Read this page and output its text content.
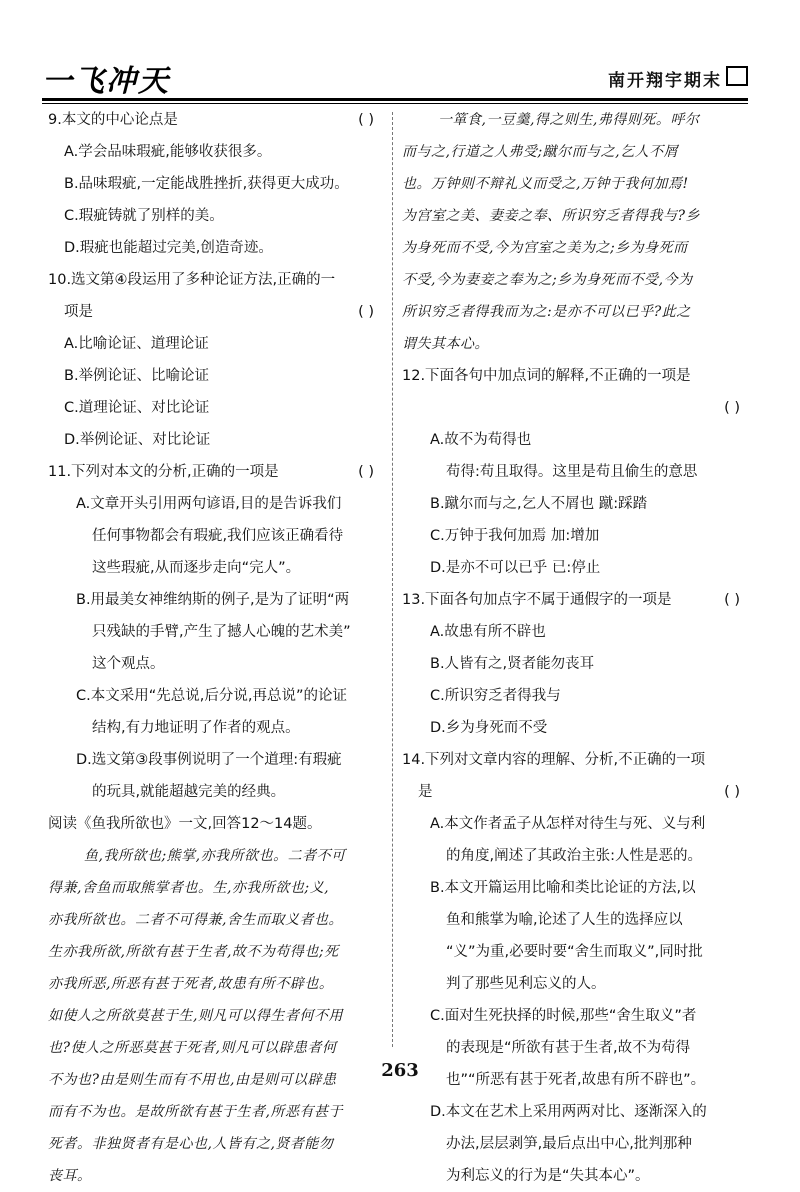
一飞冲天	南开翔宇期末
( )
9.本文的中心论点是
A.学会品味瑕疵,能够收获很多。
B.品味瑕疵,一定能战胜挫折,获得更大成功。
C.瑕疵铸就了别样的美。
D.瑕疵也能超过完美,创造奇迹。
10.选文第④段运用了多种论证方法,正确的一
( )
项是
A.比喻论证、道理论证
B.举例论证、比喻论证
C.道理论证、对比论证
D.举例论证、对比论证
( )
11.下列对本文的分析,正确的一项是
A.文章开头引用两句谚语,目的是告诉我们
任何事物都会有瑕疵,我们应该正确看待
这些瑕疵,从而逐步走向“完人”。
B.用最美女神维纳斯的例子,是为了证明“两
只残缺的手臂,产生了撼人心魄的艺术美”
这个观点。
C.本文采用“先总说,后分说,再总说”的论证
结构,有力地证明了作者的观点。
D.选文第③段事例说明了一个道理:有瑕疵
的玩具,就能超越完美的经典。
阅读《鱼我所欲也》一文,回答12～14题。
鱼,我所欲也;熊掌,亦我所欲也。二者不可
得兼,舍鱼而取熊掌者也。生,亦我所欲也;义,
亦我所欲也。二者不可得兼,舍生而取义者也。
生亦我所欲,所欲有甚于生者,故不为苟得也;死
亦我所恶,所恶有甚于死者,故患有所不辟也。
如使人之所欲莫甚于生,则凡可以得生者何不用
也?使人之所恶莫甚于死者,则凡可以辟患者何
不为也?由是则生而有不用也,由是则可以辟患
而有不为也。是故所欲有甚于生者,所恶有甚于
死者。非独贤者有是心也,人皆有之,贤者能勿
丧耳。
一箪食,一豆羹,得之则生,弗得则死。呼尔
而与之,行道之人弗受;蹴尔而与之,乞人不屑
也。万钟则不辩礼义而受之,万钟于我何加焉!
为宫室之美、妻妾之奉、所识穷乏者得我与?乡
为身死而不受,今为宫室之美为之;乡为身死而
不受,今为妻妾之奉为之;乡为身死而不受,今为
所识穷乏者得我而为之:是亦不可以已乎?此之
谓失其本心。
12.下面各句中加点词的解释,不正确的一项是
( )
A.故不为苟得也
苟得:苟且取得。这里是苟且偷生的意思
B.蹴尔而与之,乞人不屑也 蹴:踩踏
C.万钟于我何加焉 加:增加
D.是亦不可以已乎 已:停止
( )
13.下面各句加点字不属于通假字的一项是
A.故患有所不辟也
B.人皆有之,贤者能勿丧耳
C.所识穷乏者得我与
D.乡为身死而不受
14.下列对文章内容的理解、分析,不正确的一项
( )
是
A.本文作者孟子从怎样对待生与死、义与利
的角度,阐述了其政治主张:人性是恶的。
B.本文开篇运用比喻和类比论证的方法,以
鱼和熊掌为喻,论述了人生的选择应以
“义”为重,必要时要“舍生而取义”,同时批
判了那些见利忘义的人。
C.面对生死抉择的时候,那些“舍生取义”者
的表现是“所欲有甚于生者,故不为苟得
也”“所恶有甚于死者,故患有所不辟也”。
D.本文在艺术上采用两两对比、逐渐深入的
办法,层层剥笋,最后点出中心,批判那种
为利忘义的行为是“失其本心”。
263
